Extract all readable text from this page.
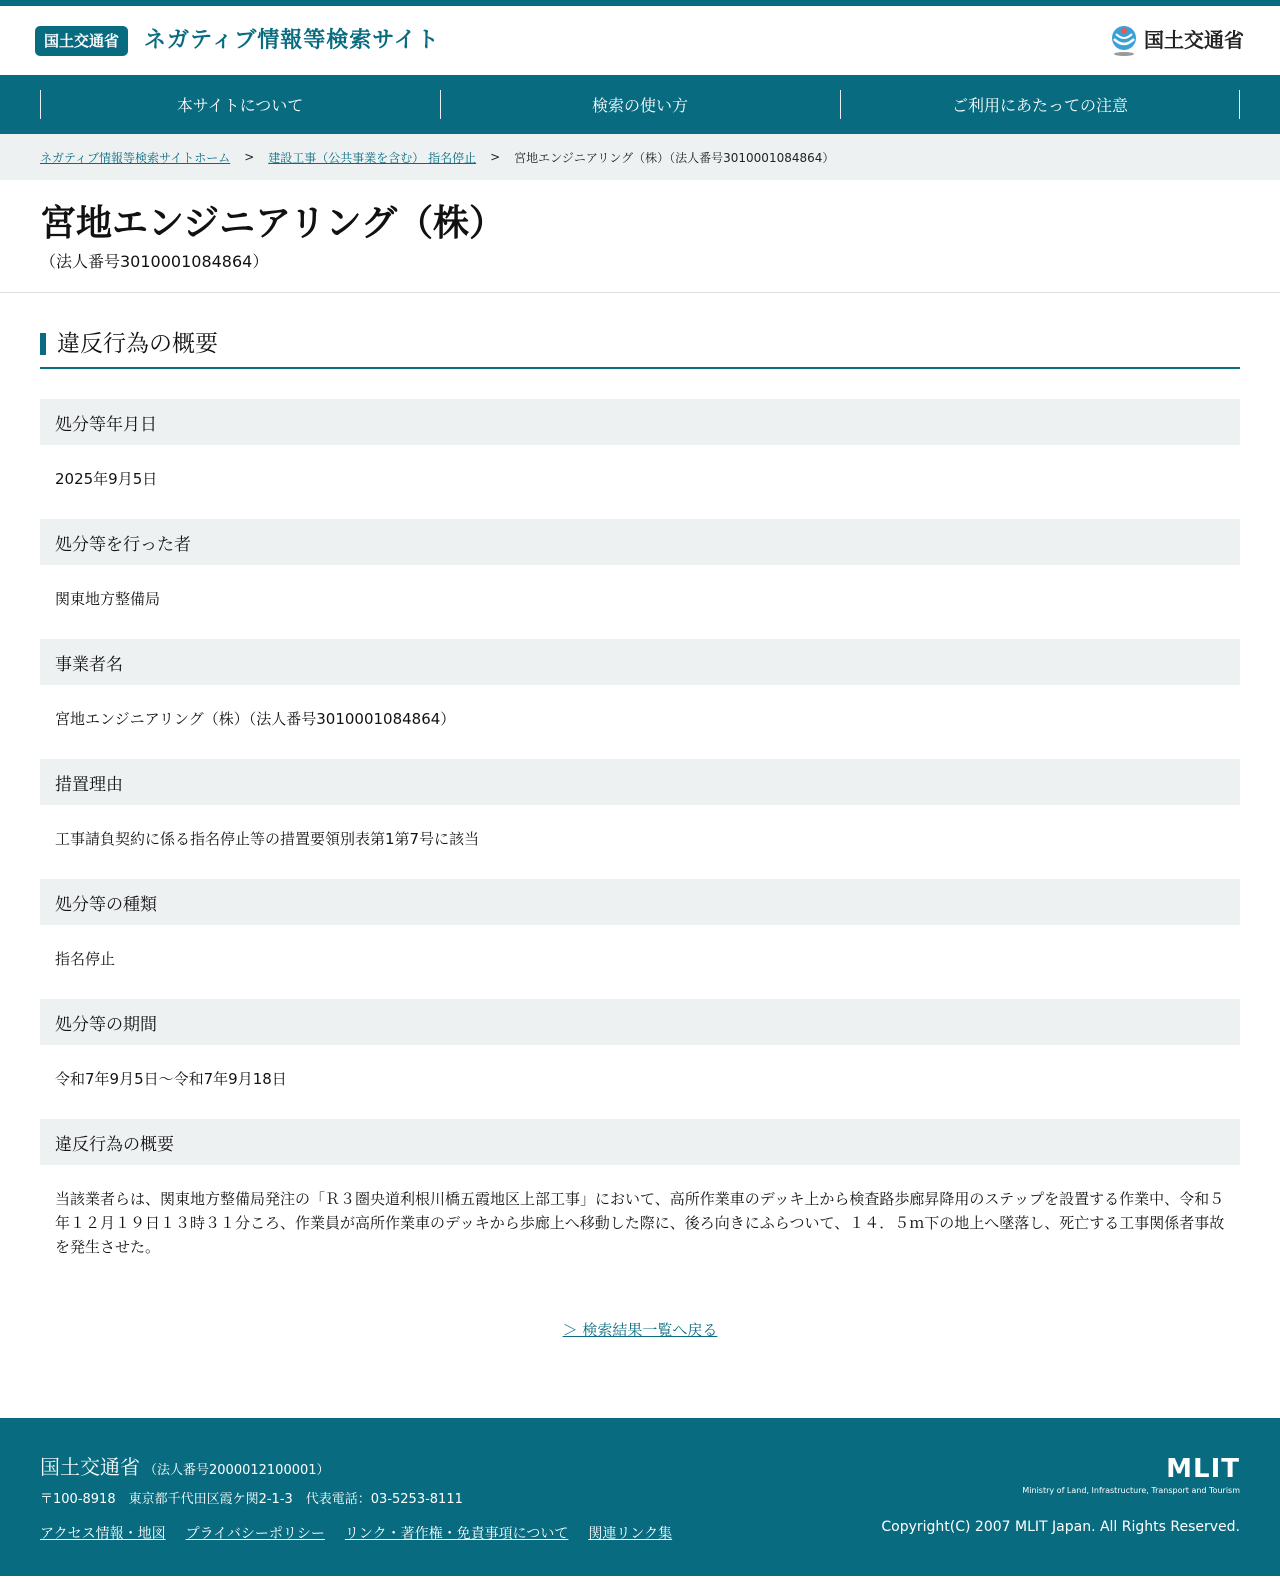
国土交通省	ネガティブ情報等検索サイト	国土交通省
本サイトについて	検索の使い方	ご利用にあたっての注意
ネガティブ情報等検索サイトホーム > 建設工事（公共事業を含む） 指名停止 > 宮地エンジニアリング（株）（法人番号3010001084864）
宮地エンジニアリング（株）
（法人番号3010001084864）
違反行為の概要
処分等年月日
2025年9月5日
処分等を行った者
関東地方整備局
事業者名
宮地エンジニアリング（株）（法人番号3010001084864）
措置理由
工事請負契約に係る指名停止等の措置要領別表第1第7号に該当
処分等の種類
指名停止
処分等の期間
令和7年9月5日～令和7年9月18日
違反行為の概要
当該業者らは、関東地方整備局発注の「Ｒ３圏央道利根川橋五霞地区上部工事」において、高所作業車のデッキ上から検査路歩廊昇降用のステップを設置する作業中、令和５年１２月１９日１３時３１分ころ、作業員が高所作業車のデッキから歩廊上へ移動した際に、後ろ向きにふらついて、１４．５ｍ下の地上へ墜落し、死亡する工事関係者事故を発生させた。
＞ 検索結果一覧へ戻る
国土交通省 （法人番号2000012100001）
〒100-8918　東京都千代田区霞ケ関2-1-3　代表電話：03-5253-8111
アクセス情報・地図 プライバシーポリシー リンク・著作権・免責事項について 関連リンク集
MLIT
Ministry of Land, Infrastructure, Transport and Tourism
Copyright(C) 2007 MLIT Japan. All Rights Reserved.
